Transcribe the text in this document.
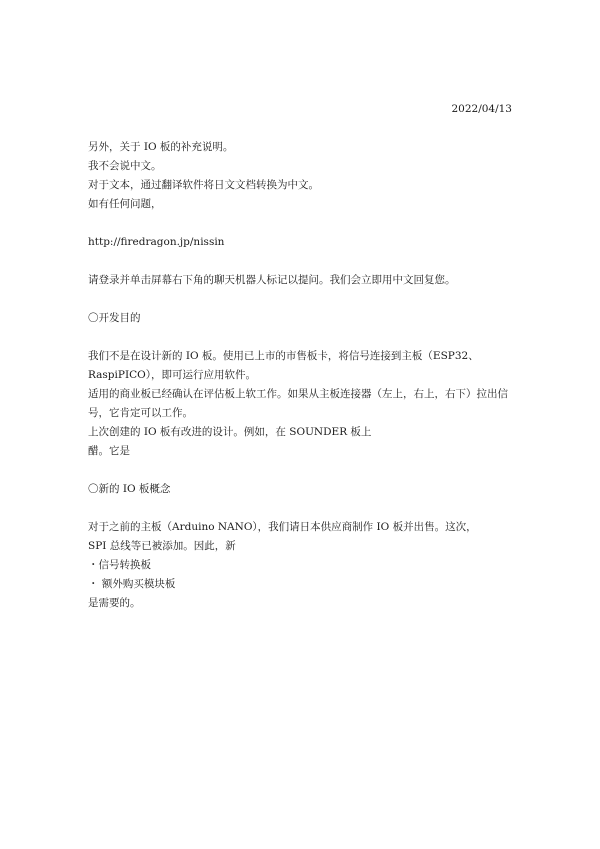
2022/04/13
另外，关于 IO 板的补充说明。
我不会说中文。
对于文本，通过翻译软件将日文文档转换为中文。
如有任何问题，
http://firedragon.jp/nissin
请登录并单击屏幕右下角的聊天机器人标记以提问。我们会立即用中文回复您。
〇开发目的
我们不是在设计新的 IO 板。使用已上市的市售板卡，将信号连接到主板（ESP32、RaspiPICO），即可运行应用软件。
适用的商业板已经确认在评估板上软工作。如果从主板连接器（左上，右上，右下）拉出信号，它肯定可以工作。
上次创建的 IO 板有改进的设计。例如，在 SOUNDER 板上
醋。它是
〇新的 IO 板概念
对于之前的主板（Arduino NANO），我们请日本供应商制作 IO 板并出售。这次，
SPI 总线等已被添加。因此，新
・信号转换板
・ 额外购买模块板
是需要的。
